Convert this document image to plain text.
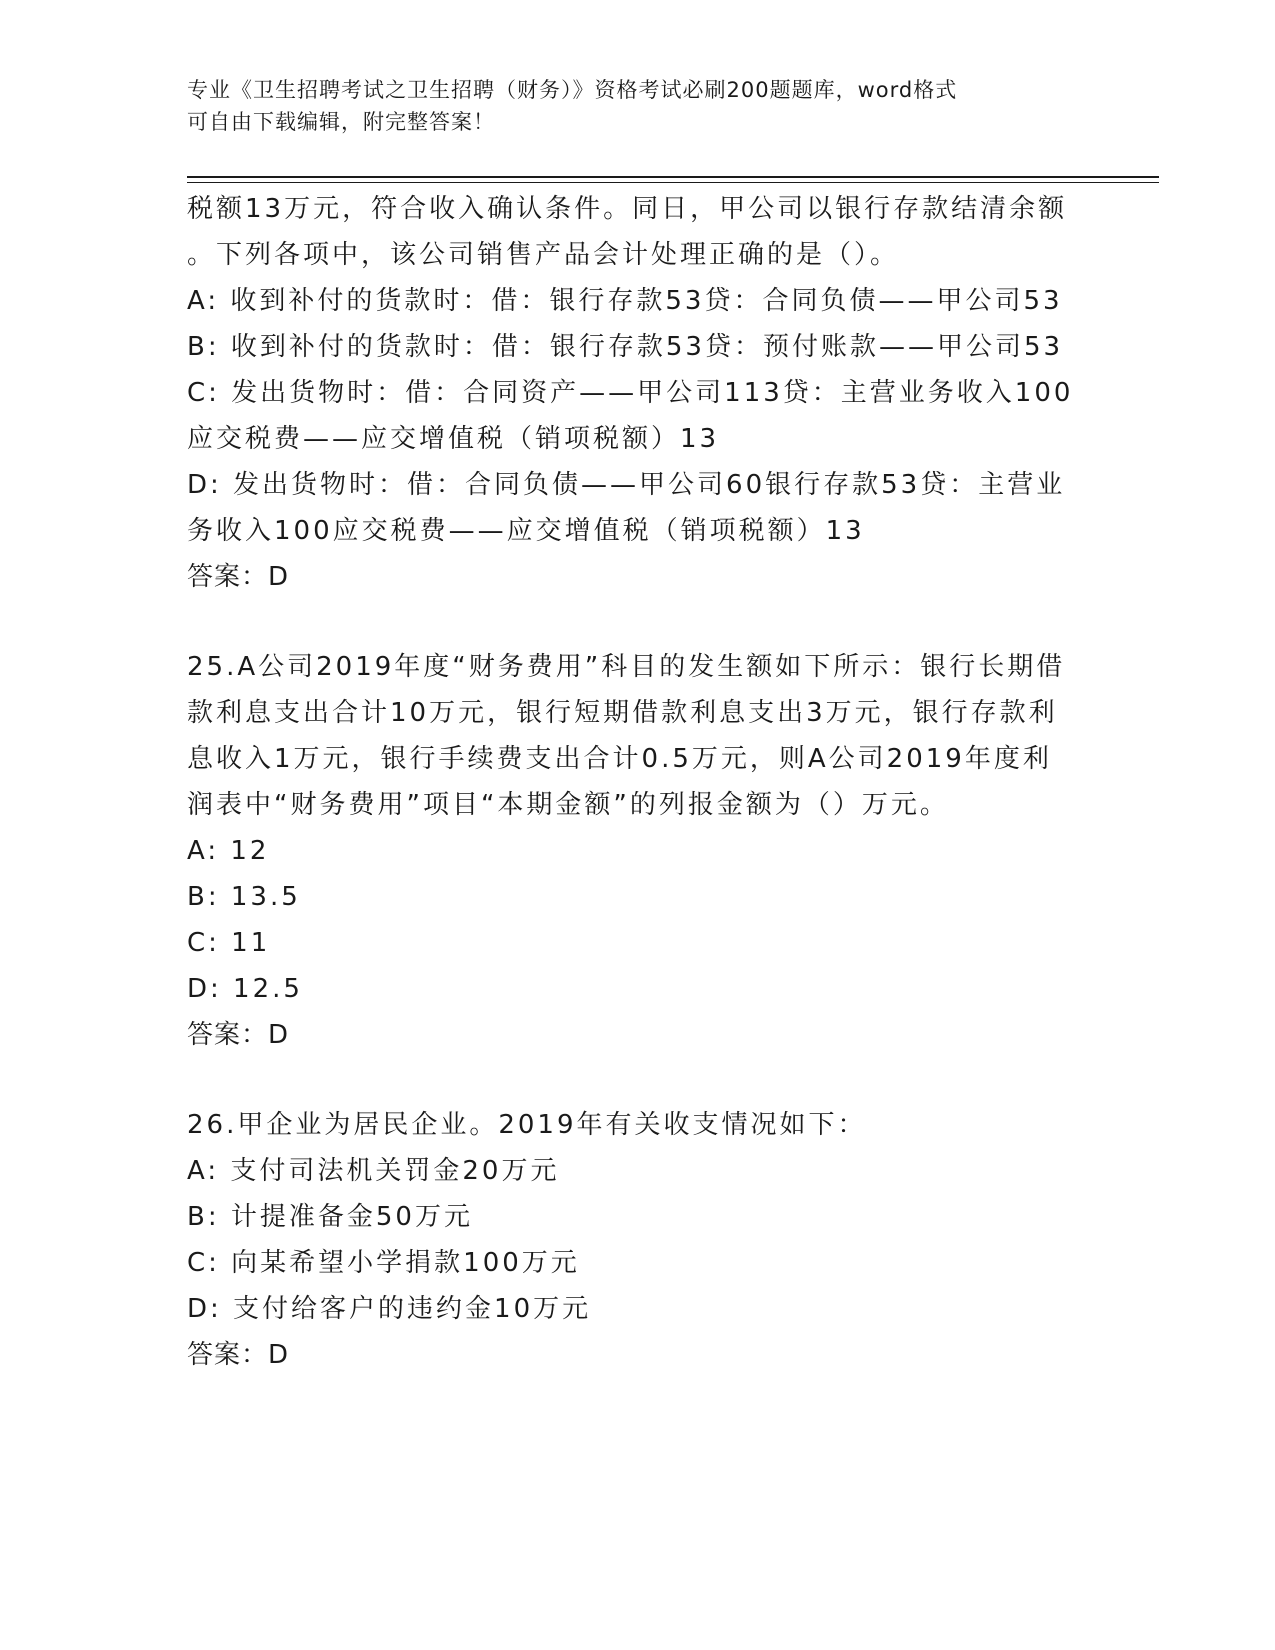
专业《卫生招聘考试之卫生招聘（财务）》资格考试必刷200题题库，word格式
可自由下载编辑，附完整答案！
税额13万元，符合收入确认条件。同日，甲公司以银行存款结清余额
。下列各项中，该公司销售产品会计处理正确的是（）。
A: 收到补付的货款时：借：银行存款53贷：合同负债——甲公司53
B: 收到补付的货款时：借：银行存款53贷：预付账款——甲公司53
C: 发出货物时：借：合同资产——甲公司113贷：主营业务收入100
应交税费——应交增值税（销项税额）13
D: 发出货物时：借：合同负债——甲公司60银行存款53贷：主营业
务收入100应交税费——应交增值税（销项税额）13
答案：D
25.A公司2019年度“财务费用”科目的发生额如下所示：银行长期借
款利息支出合计10万元，银行短期借款利息支出3万元，银行存款利
息收入1万元，银行手续费支出合计0.5万元，则A公司2019年度利
润表中“财务费用”项目“本期金额”的列报金额为（）万元。
A: 12
B: 13.5
C: 11
D: 12.5
答案：D
26.甲企业为居民企业。2019年有关收支情况如下：
A: 支付司法机关罚金20万元
B: 计提准备金50万元
C: 向某希望小学捐款100万元
D: 支付给客户的违约金10万元
答案：D
